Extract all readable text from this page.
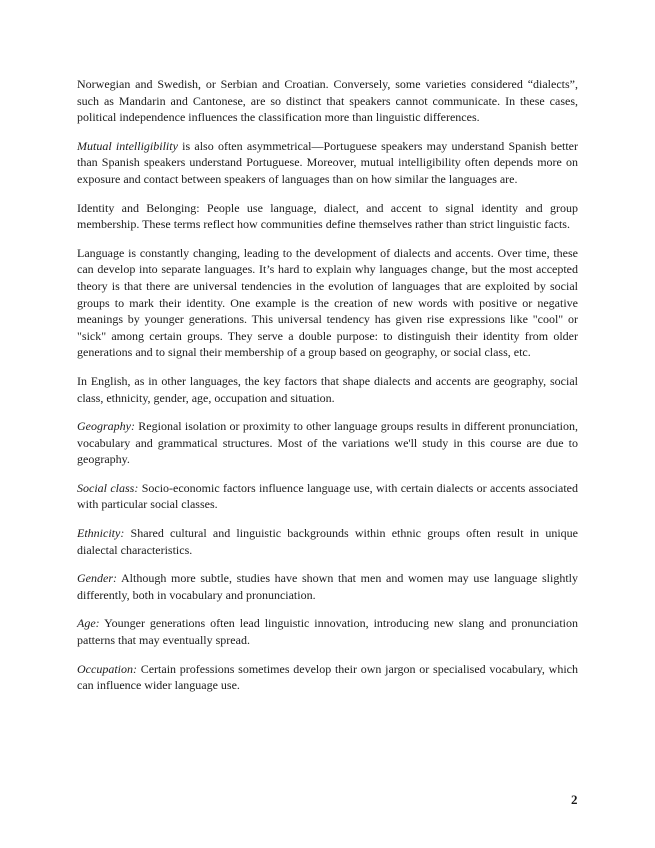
Norwegian and Swedish, or Serbian and Croatian. Conversely, some varieties considered “dialects”, such as Mandarin and Cantonese, are so distinct that speakers cannot communicate. In these cases, political independence influences the classification more than linguistic differences.

Mutual intelligibility is also often asymmetrical—Portuguese speakers may understand Spanish better than Spanish speakers understand Portuguese. Moreover, mutual intelligibility often depends more on exposure and contact between speakers of languages than on how similar the languages are.

Identity and Belonging: People use language, dialect, and accent to signal identity and group membership. These terms reflect how communities define themselves rather than strict linguistic facts.

Language is constantly changing, leading to the development of dialects and accents. Over time, these can develop into separate languages. It’s hard to explain why languages change, but the most accepted theory is that there are universal tendencies in the evolution of languages that are exploited by social groups to mark their identity. One example is the creation of new words with positive or negative meanings by younger generations. This universal tendency has given rise expressions like "cool" or "sick" among certain groups. They serve a double purpose: to distinguish their identity from older generations and to signal their membership of a group based on geography, or social class, etc.

In English, as in other languages, the key factors that shape dialects and accents are geography, social class, ethnicity, gender, age, occupation and situation.

Geography: Regional isolation or proximity to other language groups results in different pronunciation, vocabulary and grammatical structures. Most of the variations we'll study in this course are due to geography.

Social class: Socio-economic factors influence language use, with certain dialects or accents associated with particular social classes.

Ethnicity: Shared cultural and linguistic backgrounds within ethnic groups often result in unique dialectal characteristics.

Gender: Although more subtle, studies have shown that men and women may use language slightly differently, both in vocabulary and pronunciation.

Age: Younger generations often lead linguistic innovation, introducing new slang and pronunciation patterns that may eventually spread.

Occupation: Certain professions sometimes develop their own jargon or specialised vocabulary, which can influence wider language use.

2
